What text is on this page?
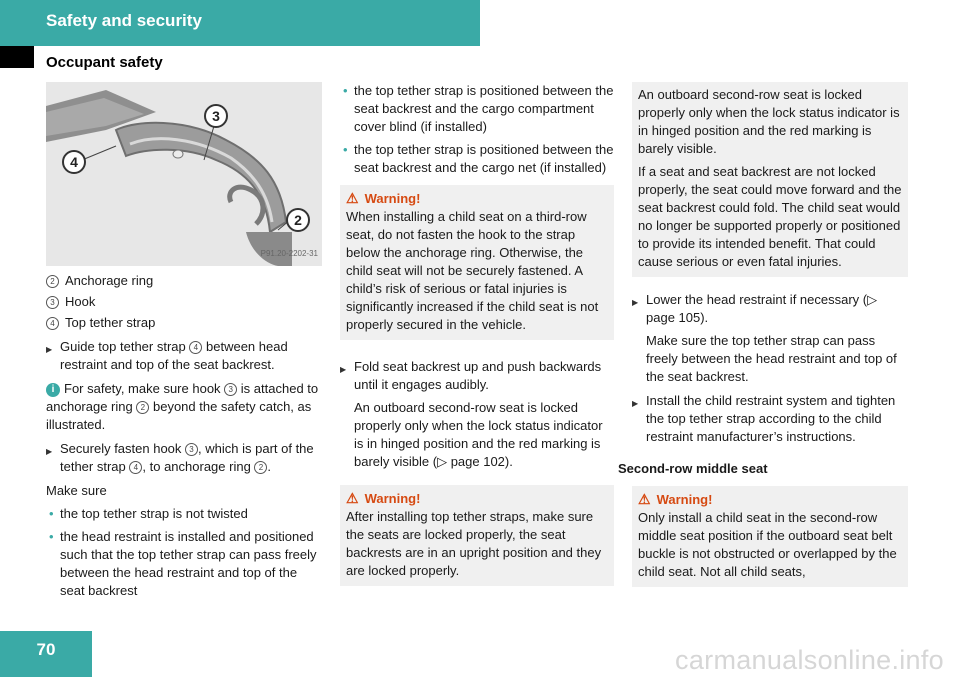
Safety and security
Occupant safety
3
4
2
P91.20-2202-31

2 Anchorage ring

3 Hook

4 Top tether strap

▶ Guide top tether strap 4 between head restraint and top of the seat backrest.

i For safety, make sure hook 3 is attached to anchorage ring 2 beyond the safety catch, as illustrated.

▶ Securely fasten hook 3 , which is part of the tether strap 4 , to anchorage ring 2 .

Make sure

• the top tether strap is not twisted

• the head restraint is installed and positioned such that the top tether strap can pass freely between the head restraint and top of the seat backrest

• the top tether strap is positioned between the seat backrest and the cargo compartment cover blind (if installed)

• the top tether strap is positioned between the seat backrest and the cargo net (if installed)

⚠ Warning!

When installing a child seat on a third-row seat, do not fasten the hook to the strap below the anchorage ring. Otherwise, the child seat will not be securely fastened. A child’s risk of serious or fatal injuries is significantly increased if the child seat is not properly secured in the vehicle.

▶ Fold seat backrest up and push backwards until it engages audibly.

An outboard second-row seat is locked properly only when the lock status indicator is in hinged position and the red marking is barely visible (▷ page 102).

⚠ Warning!

After installing top tether straps, make sure the seats are locked properly, the seat backrests are in an upright position and they are locked properly.

An outboard second-row seat is locked properly only when the lock status indicator is in hinged position and the red marking is barely visible.

If a seat and seat backrest are not locked properly, the seat could move forward and the seat backrest could fold. The child seat would no longer be supported properly or positioned to provide its intended benefit. That could cause serious or even fatal injuries.

▶ Lower the head restraint if necessary (▷ page 105).

Make sure the top tether strap can pass freely between the head restraint and top of the seat backrest.

▶ Install the child restraint system and tighten the top tether strap according to the child restraint manufacturer’s instructions.

Second-row middle seat

⚠ Warning!

Only install a child seat in the second-row middle seat position if the outboard seat belt buckle is not obstructed or overlapped by the child seat. Not all child seats,

70	carmanualsonline.info
